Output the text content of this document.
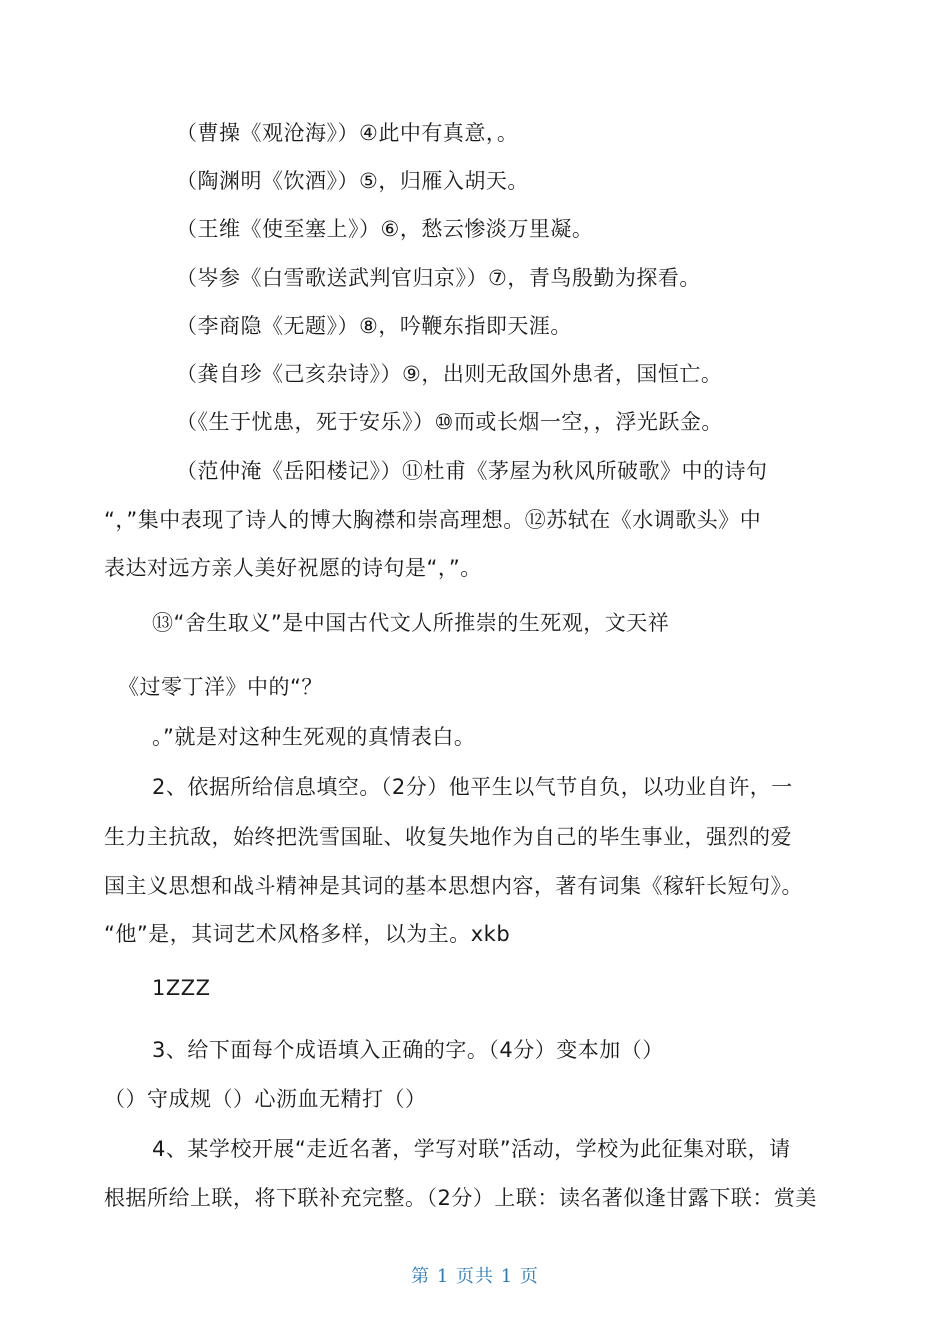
（曹操《观沧海》）④此中有真意，。
（陶渊明《饮酒》）⑤，归雁入胡天。
（王维《使至塞上》）⑥，愁云惨淡万里凝。
（岑参《白雪歌送武判官归京》）⑦，青鸟殷勤为探看。
（李商隐《无题》）⑧，吟鞭东指即天涯。
（龚自珍《己亥杂诗》）⑨，出则无敌国外患者，国恒亡。
（《生于忧患，死于安乐》）⑩而或长烟一空，，浮光跃金。
（范仲淹《岳阳楼记》）⑪杜甫《茅屋为秋风所破歌》中的诗句
“，”集中表现了诗人的博大胸襟和崇高理想。⑫苏轼在《水调歌头》中
表达对远方亲人美好祝愿的诗句是“，”。
⑬“舍生取义”是中国古代文人所推崇的生死观，文天祥
《过零丁洋》中的“？
。”就是对这种生死观的真情表白。
2、依据所给信息填空。（2分）他平生以气节自负，以功业自许，一
生力主抗敌，始终把洗雪国耻、收复失地作为自己的毕生事业，强烈的爱
国主义思想和战斗精神是其词的基本思想内容，著有词集《稼轩长短句》。
“他”是，其词艺术风格多样，以为主。xkb
1ZZZ
3、给下面每个成语填入正确的字。（4分）变本加（）
（）守成规（）心沥血无精打（）
4、某学校开展“走近名著，学写对联”活动，学校为此征集对联，请
根据所给上联，将下联补充完整。（2分）上联：读名著似逢甘露下联：赏美
第 1 页共 1 页
